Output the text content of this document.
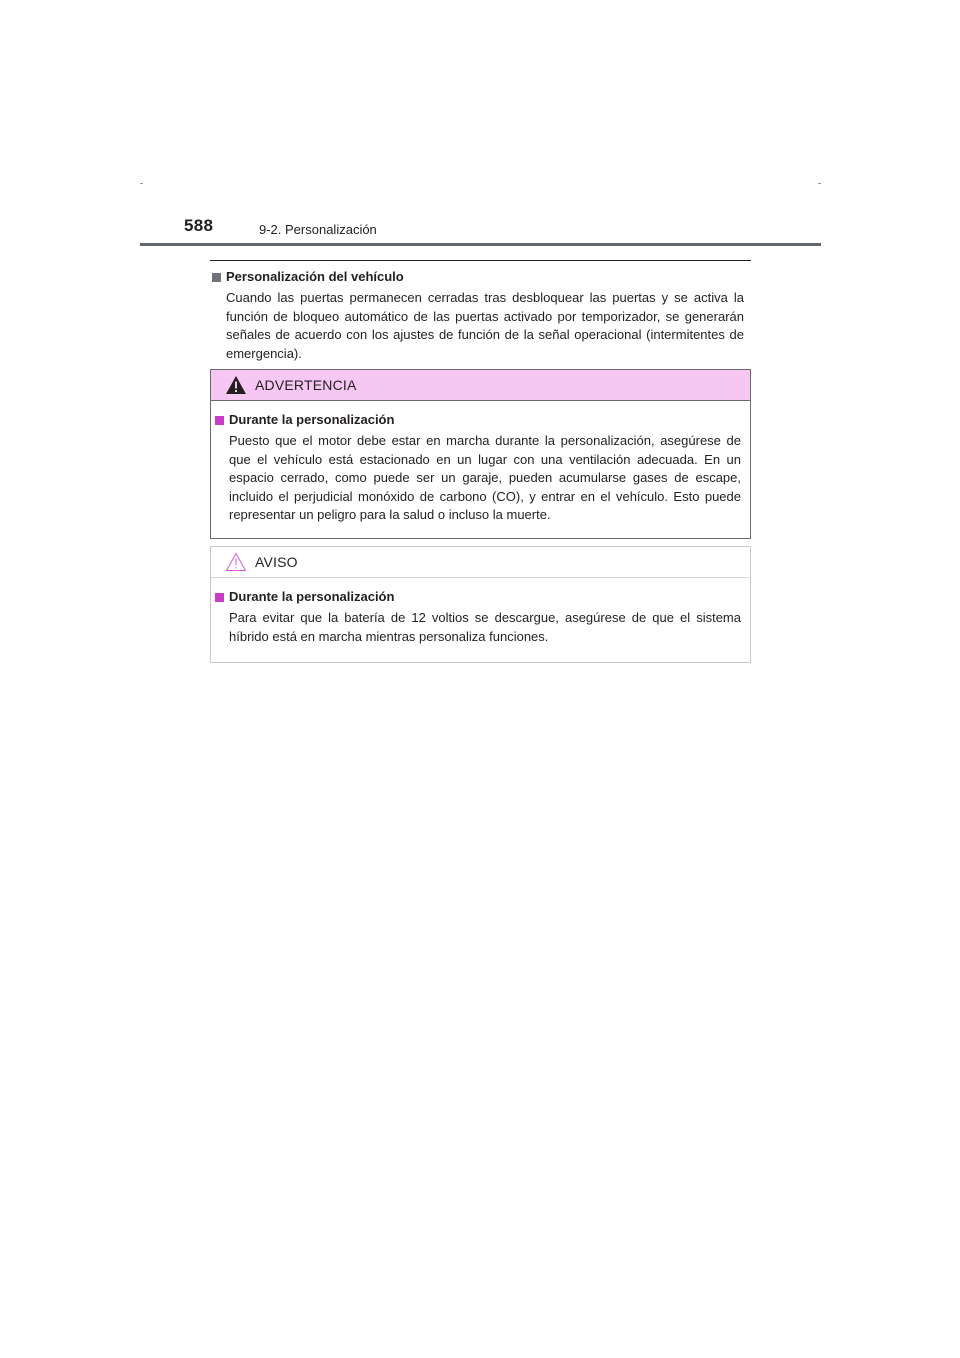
588	9-2. Personalización
Personalización del vehículo

Cuando las puertas permanecen cerradas tras desbloquear las puertas y se activa la función de bloqueo automático de las puertas activado por temporizador, se generarán señales de acuerdo con los ajustes de función de la señal operacional (intermitentes de emergencia).

ADVERTENCIA
Durante la personalización

Puesto que el motor debe estar en marcha durante la personalización, asegúrese de que el vehículo está estacionado en un lugar con una ventilación adecuada. En un espacio cerrado, como puede ser un garaje, pueden acumularse gases de escape, incluido el perjudicial monóxido de carbono (CO), y entrar en el vehículo. Esto puede representar un peligro para la salud o incluso la muerte.

AVISO
Durante la personalización

Para evitar que la batería de 12 voltios se descargue, asegúrese de que el sistema híbrido está en marcha mientras personaliza funciones.
